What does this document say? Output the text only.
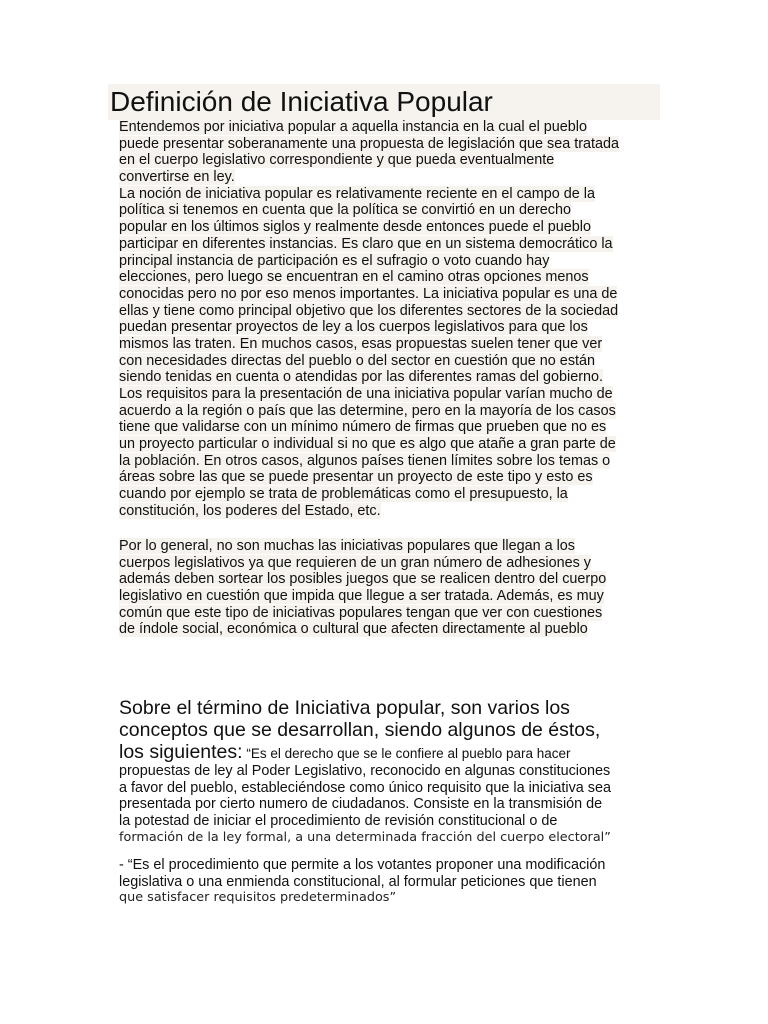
Definición de Iniciativa Popular
Entendemos por iniciativa popular a aquella instancia en la cual el pueblo
puede presentar soberanamente una propuesta de legislación que sea tratada
en el cuerpo legislativo correspondiente y que pueda eventualmente
convertirse en ley.
La noción de iniciativa popular es relativamente reciente en el campo de la
política si tenemos en cuenta que la política se convirtió en un derecho
popular en los últimos siglos y realmente desde entonces puede el pueblo
participar en diferentes instancias. Es claro que en un sistema democrático la
principal instancia de participación es el sufragio o voto cuando hay
elecciones, pero luego se encuentran en el camino otras opciones menos
conocidas pero no por eso menos importantes. La iniciativa popular es una de
ellas y tiene como principal objetivo que los diferentes sectores de la sociedad
puedan presentar proyectos de ley a los cuerpos legislativos para que los
mismos las traten. En muchos casos, esas propuestas suelen tener que ver
con necesidades directas del pueblo o del sector en cuestión que no están
siendo tenidas en cuenta o atendidas por las diferentes ramas del gobierno.
Los requisitos para la presentación de una iniciativa popular varían mucho de
acuerdo a la región o país que las determine, pero en la mayoría de los casos
tiene que validarse con un mínimo número de firmas que prueben que no es
un proyecto particular o individual si no que es algo que atañe a gran parte de
la población. En otros casos, algunos países tienen límites sobre los temas o
áreas sobre las que se puede presentar un proyecto de este tipo y esto es
cuando por ejemplo se trata de problemáticas como el presupuesto, la
constitución, los poderes del Estado, etc.
Por lo general, no son muchas las iniciativas populares que llegan a los
cuerpos legislativos ya que requieren de un gran número de adhesiones y
además deben sortear los posibles juegos que se realicen dentro del cuerpo
legislativo en cuestión que impida que llegue a ser tratada. Además, es muy
común que este tipo de iniciativas populares tengan que ver con cuestiones
de índole social, económica o cultural que afecten directamente al pueblo
Sobre el término de Iniciativa popular, son varios los
conceptos que se desarrollan, siendo algunos de éstos,
los siguientes: “Es el derecho que se le confiere al pueblo para hacer
propuestas de ley al Poder Legislativo, reconocido en algunas constituciones
a favor del pueblo, estableciéndose como único requisito que la iniciativa sea
presentada por cierto numero de ciudadanos. Consiste en la transmisión de
la potestad de iniciar el procedimiento de revisión constitucional o de
formación de la ley formal, a una determinada fracción del cuerpo electoral”
- “Es el procedimiento que permite a los votantes proponer una modificación
legislativa o una enmienda constitucional, al formular peticiones que tienen
que satisfacer requisitos predeterminados”
